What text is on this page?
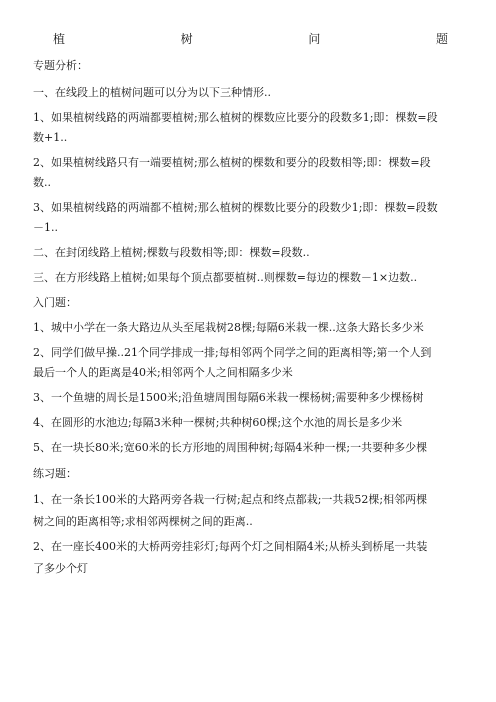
植	树	问	题
专题分析：
一、在线段上的植树问题可以分为以下三种情形..
1、如果植树线路的两端都要植树;那么植树的棵数应比要分的段数多1;即：棵数=段
数+1..
2、如果植树线路只有一端要植树;那么植树的棵数和要分的段数相等;即：棵数=段
数..
3、如果植树线路的两端都不植树;那么植树的棵数比要分的段数少1;即：棵数=段数
－1..
二、在封闭线路上植树;棵数与段数相等;即：棵数=段数..
三、在方形线路上植树;如果每个顶点都要植树..则棵数=每边的棵数－1×边数..
入门题：
1、城中小学在一条大路边从头至尾栽树28棵;每隔6米栽一棵..这条大路长多少米
2、同学们做早操..21个同学排成一排;每相邻两个同学之间的距离相等;第一个人到
最后一个人的距离是40米;相邻两个人之间相隔多少米
3、一个鱼塘的周长是1500米;沿鱼塘周围每隔6米栽一棵杨树;需要种多少棵杨树
4、在圆形的水池边;每隔3米种一棵树;共种树60棵;这个水池的周长是多少米
5、在一块长80米;宽60米的长方形地的周围种树;每隔4米种一棵;一共要种多少棵
练习题：
1、在一条长100米的大路两旁各栽一行树;起点和终点都栽;一共栽52棵;相邻两棵
树之间的距离相等;求相邻两棵树之间的距离..
2、在一座长400米的大桥两旁挂彩灯;每两个灯之间相隔4米;从桥头到桥尾一共装
了多少个灯
